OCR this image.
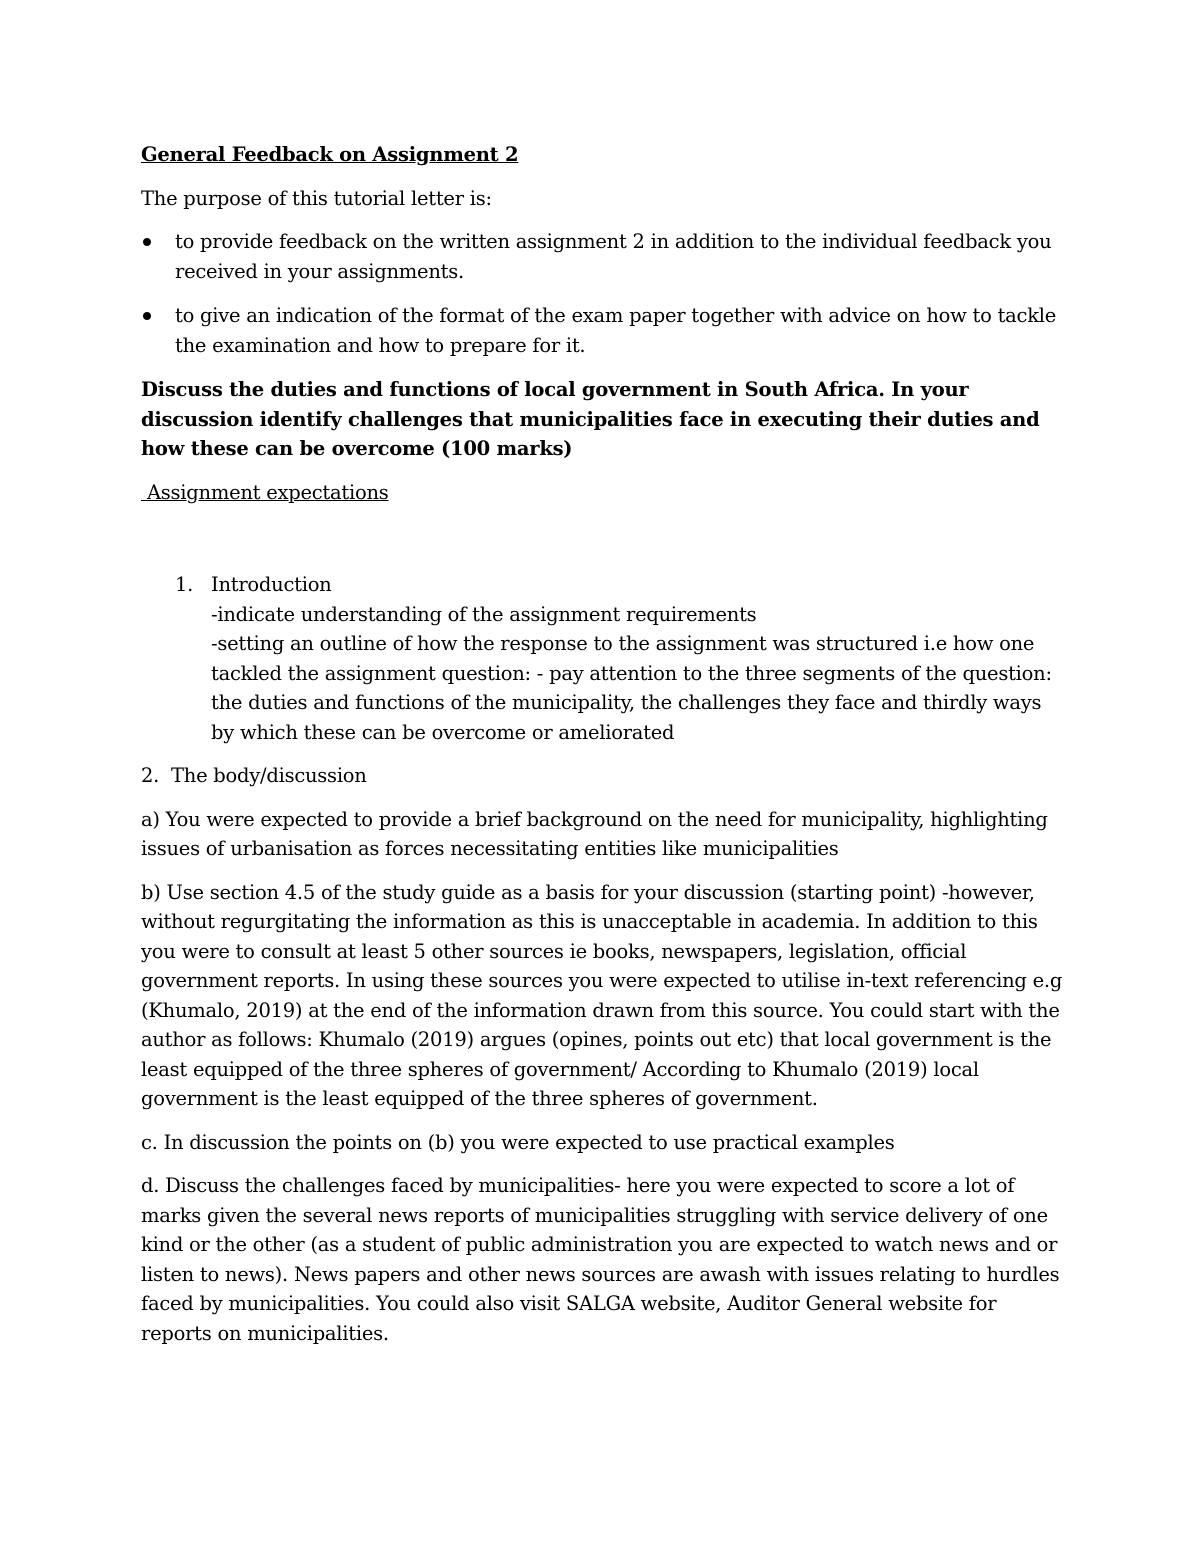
General Feedback on Assignment 2

The purpose of this tutorial letter is:

to provide feedback on the written assignment 2 in addition to the individual feedback you received in your assignments.
to give an indication of the format of the exam paper together with advice on how to tackle the examination and how to prepare for it.

Discuss the duties and functions of local government in South Africa. In your discussion identify challenges that municipalities face in executing their duties and how these can be overcome (100 marks)

Assignment expectations

1. Introduction
-indicate understanding of the assignment requirements
-setting an outline of how the response to the assignment was structured i.e how one tackled the assignment question: - pay attention to the three segments of the question: the duties and functions of the municipality, the challenges they face and thirdly ways by which these can be overcome or ameliorated

2.  The body/discussion

a) You were expected to provide a brief background on the need for municipality, highlighting issues of urbanisation as forces necessitating entities like municipalities

b) Use section 4.5 of the study guide as a basis for your discussion (starting point) -however, without regurgitating the information as this is unacceptable in academia. In addition to this you were to consult at least 5 other sources ie books, newspapers, legislation, official government reports. In using these sources you were expected to utilise in-text referencing e.g (Khumalo, 2019) at the end of the information drawn from this source. You could start with the author as follows: Khumalo (2019) argues (opines, points out etc) that local government is the least equipped of the three spheres of government/ According to Khumalo (2019) local government is the least equipped of the three spheres of government.

c. In discussion the points on (b) you were expected to use practical examples

d. Discuss the challenges faced by municipalities- here you were expected to score a lot of marks given the several news reports of municipalities struggling with service delivery of one kind or the other (as a student of public administration you are expected to watch news and or listen to news). News papers and other news sources are awash with issues relating to hurdles faced by municipalities. You could also visit SALGA website, Auditor General website for reports on municipalities.
